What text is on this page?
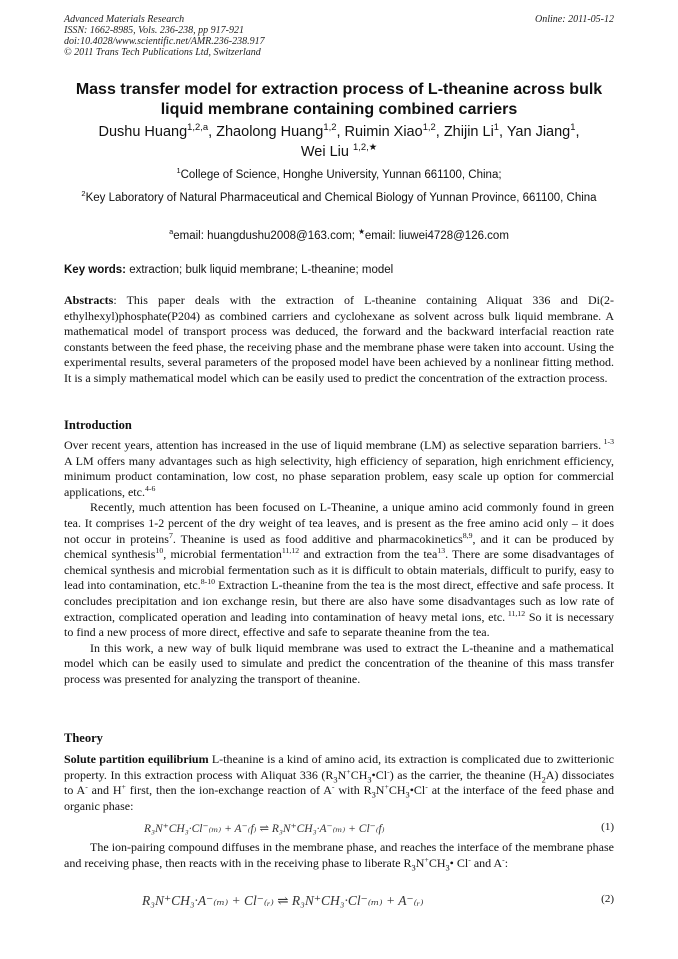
Advanced Materials Research
ISSN: 1662-8985, Vols. 236-238, pp 917-921
doi:10.4028/www.scientific.net/AMR.236-238.917
© 2011 Trans Tech Publications Ltd, Switzerland
Online: 2011-05-12
Mass transfer model for extraction process of L-theanine across bulk
liquid membrane containing combined carriers
Dushu Huang$^{1,2,a}$, Zhaolong Huang$^{1,2}$, Ruimin Xiao$^{1,2}$, Zhijin Li$^1$, Yan Jiang$^1$,
Wei Liu $^{1,2,★}$
$^1$College of Science, Honghe University, Yunnan 661100, China;
$^2$Key Laboratory of Natural Pharmaceutical and Chemical Biology of Yunnan Province, 661100, China
$^a$email: huangdushu2008@163.com; ★email: liuwei4728@126.com
Key words: extraction; bulk liquid membrane; L-theanine; model

Abstracts: This paper deals with the extraction of L-theanine containing Aliquat 336 and Di(2-ethylhexyl)phosphate(P204) as combined carriers and cyclohexane as solvent across bulk liquid membrane. A mathematical model of transport process was deduced, the forward and the backward interfacial reaction rate constants between the feed phase, the receiving phase and the membrane phase were taken into account. Using the experimental results, several parameters of the proposed model have been achieved by a nonlinear fitting method. It is a simply mathematical model which can be easily used to predict the concentration of the extraction process.

Introduction

Over recent years, attention has increased in the use of liquid membrane (LM) as selective separation barriers. $^{1-3}$ A LM offers many advantages such as high selectivity, high efficiency of separation, high enrichment efficiency, minimum product contamination, low cost, no phase separation problem, easy scale up option for commercial applications, etc.$^{4-6}$

Recently, much attention has been focused on L-Theanine, a unique amino acid commonly found in green tea. It comprises 1-2 percent of the dry weight of tea leaves, and is present as the free amino acid only – it does not occur in proteins$^7$. Theanine is used as food additive and pharmacokinetics$^{8,9}$, and it can be produced by chemical synthesis$^{10}$, microbial fermentation$^{11,12}$ and extraction from the tea$^{13}$. There are some disadvantages of chemical synthesis and microbial fermentation such as it is difficult to obtain materials, difficult to purify, easy to lead into contamination, etc.$^{8-10}$ Extraction L-theanine from the tea is the most direct, effective and safe process. It concludes precipitation and ion exchange resin, but there are also have some disadvantages such as low rate of extraction, complicated operation and leading into contamination of heavy metal ions, etc. $^{11,12}$ So it is necessary to find a new process of more direct, effective and safe to separate theanine from the tea.

In this work, a new way of bulk liquid membrane was used to extract the L-theanine and a mathematical model which can be easily used to simulate and predict the concentration of the theanine of this mass transfer process was presented for analyzing the transport of theanine.

Theory

Solute partition equilibrium L-theanine is a kind of amino acid, its extraction is complicated due to zwitterionic property. In this extraction process with Aliquat 336 $(R_3N^+CH_3•Cl^-)$ as the carrier, the theanine $(H_2A)$ dissociates to A- and H+ first, then the ion-exchange reaction of A- with $R_3N^+CH_3•Cl^-$ at the interface of the feed phase and organic phase:

R₃N⁺CH₃·Cl⁻₍ₘ₎ + A⁻₍f₎ ⇌ R₃N⁺CH₃·A⁻₍ₘ₎ + Cl⁻₍f₎	(1)

The ion-pairing compound diffuses in the membrane phase, and reaches the interface of the membrane phase and receiving phase, then reacts with in the receiving phase to liberate $R_3N^+CH_3•$ Cl- and A-:

R₃N⁺CH₃·A⁻₍ₘ₎ + Cl⁻₍ᵣ₎ ⇌ R₃N⁺CH₃·Cl⁻₍ₘ₎ + A⁻₍ᵣ₎	(2)
